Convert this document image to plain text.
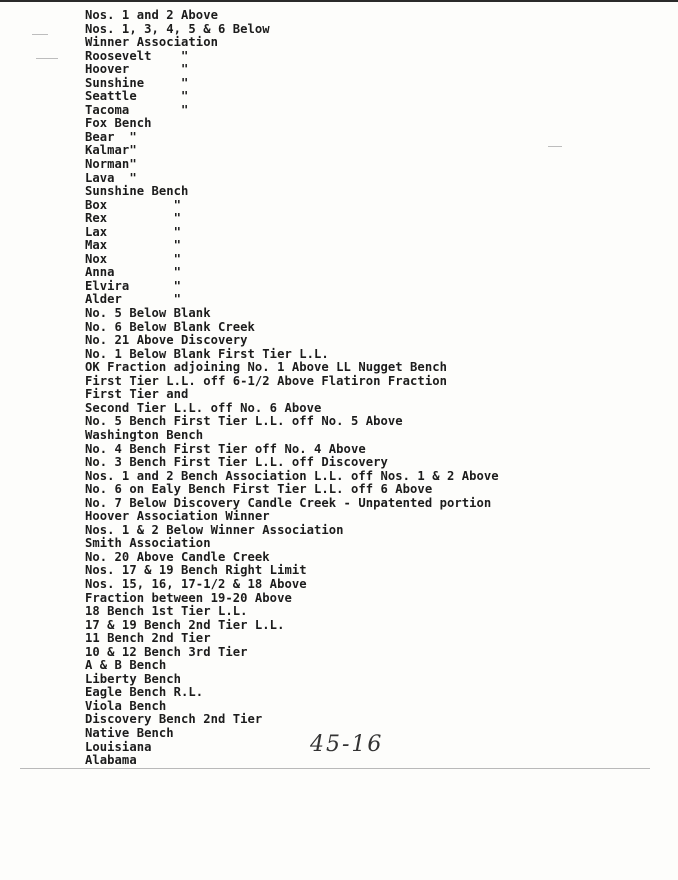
Nos. 1 and 2 Above
Nos. 1, 3, 4, 5 & 6 Below
Winner Association
Roosevelt    "
Hoover       "
Sunshine     "
Seattle      "
Tacoma       "
Fox Bench
Bear  "
Kalmar"
Norman"
Lava  "
Sunshine Bench
Box         "
Rex         "
Lax         "
Max         "
Nox         "
Anna        "
Elvira      "
Alder       "
No. 5 Below Blank
No. 6 Below Blank Creek
No. 21 Above Discovery
No. 1 Below Blank First Tier L.L.
OK Fraction adjoining No. 1 Above LL Nugget Bench
First Tier L.L. off 6-1/2 Above Flatiron Fraction
First Tier and
Second Tier L.L. off No. 6 Above
No. 5 Bench First Tier L.L. off No. 5 Above
Washington Bench
No. 4 Bench First Tier off No. 4 Above
No. 3 Bench First Tier L.L. off Discovery
Nos. 1 and 2 Bench Association L.L. off Nos. 1 & 2 Above
No. 6 on Ealy Bench First Tier L.L. off 6 Above
No. 7 Below Discovery Candle Creek - Unpatented portion
Hoover Association Winner
Nos. 1 & 2 Below Winner Association
Smith Association
No. 20 Above Candle Creek
Nos. 17 & 19 Bench Right Limit
Nos. 15, 16, 17-1/2 & 18 Above
Fraction between 19-20 Above
18 Bench 1st Tier L.L.
17 & 19 Bench 2nd Tier L.L.
11 Bench 2nd Tier
10 & 12 Bench 3rd Tier
A & B Bench
Liberty Bench
Eagle Bench R.L.
Viola Bench
Discovery Bench 2nd Tier
Native Bench
Louisiana
Alabama
45-16
